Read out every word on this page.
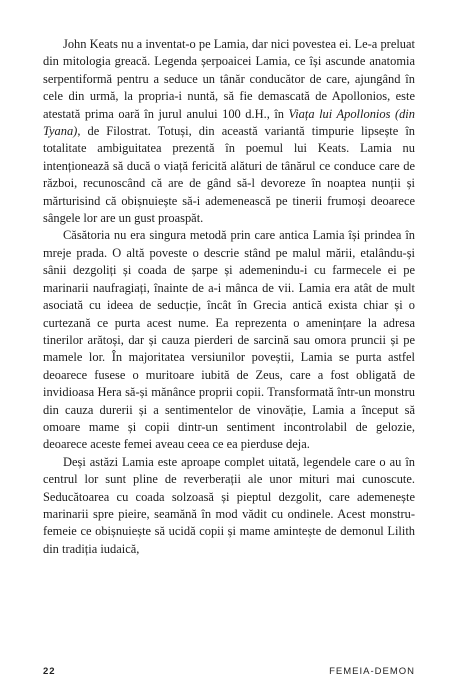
John Keats nu a inventat-o pe Lamia, dar nici povestea ei. Le-a preluat din mitologia greacă. Legenda șerpoaicei Lamia, ce își ascunde anatomia serpentiformă pentru a seduce un tânăr conducător de care, ajungând în cele din urmă, la propria-i nuntă, să fie demascată de Apollonios, este atestată prima oară în jurul anului 100 d.H., în Viața lui Apollonios (din Tyana), de Filostrat. Totuși, din această variantă timpurie lipsește în totalitate ambiguitatea prezentă în poemul lui Keats. Lamia nu intenționează să ducă o viață fericită alături de tânărul ce conduce care de război, recunoscând că are de gând să-l devoreze în noaptea nunții și mărturisind că obișnuiește să-i ademenească pe tinerii frumoși deoarece sângele lor are un gust proaspăt.

Căsătoria nu era singura metodă prin care antica Lamia își prindea în mreje prada. O altă poveste o descrie stând pe malul mării, etalându-și sânii dezgoliți și coada de șarpe și ademenindu-i cu farmecele ei pe marinarii naufragiați, înainte de a-i mânca de vii. Lamia era atât de mult asociată cu ideea de seducție, încât în Grecia antică exista chiar și o curtezană ce purta acest nume. Ea reprezenta o amenințare la adresa tinerilor arătoși, dar și cauza pierderi de sarcină sau omora pruncii și pe mamele lor. În majoritatea versiunilor poveștii, Lamia se purta astfel deoarece fusese o muritoare iubită de Zeus, care a fost obligată de invidioasa Hera să-și mănânce proprii copii. Transformată într-un monstru din cauza durerii și a sentimentelor de vinovăție, Lamia a început să omoare mame și copii dintr-un sentiment incontrolabil de gelozie, deoarece aceste femei aveau ceea ce ea pierduse deja.

Deși astăzi Lamia este aproape complet uitată, legendele care o au în centrul lor sunt pline de reverberații ale unor mituri mai cunoscute. Seducătoarea cu coada solzoasă și pieptul dezgolit, care ademenește marinarii spre pieire, seamănă în mod vădit cu ondinele. Acest monstru-femeie ce obișnuiește să ucidă copii și mame amintește de demonul Lilith din tradiția iudaică,

22	FEMEIA-DEMON
